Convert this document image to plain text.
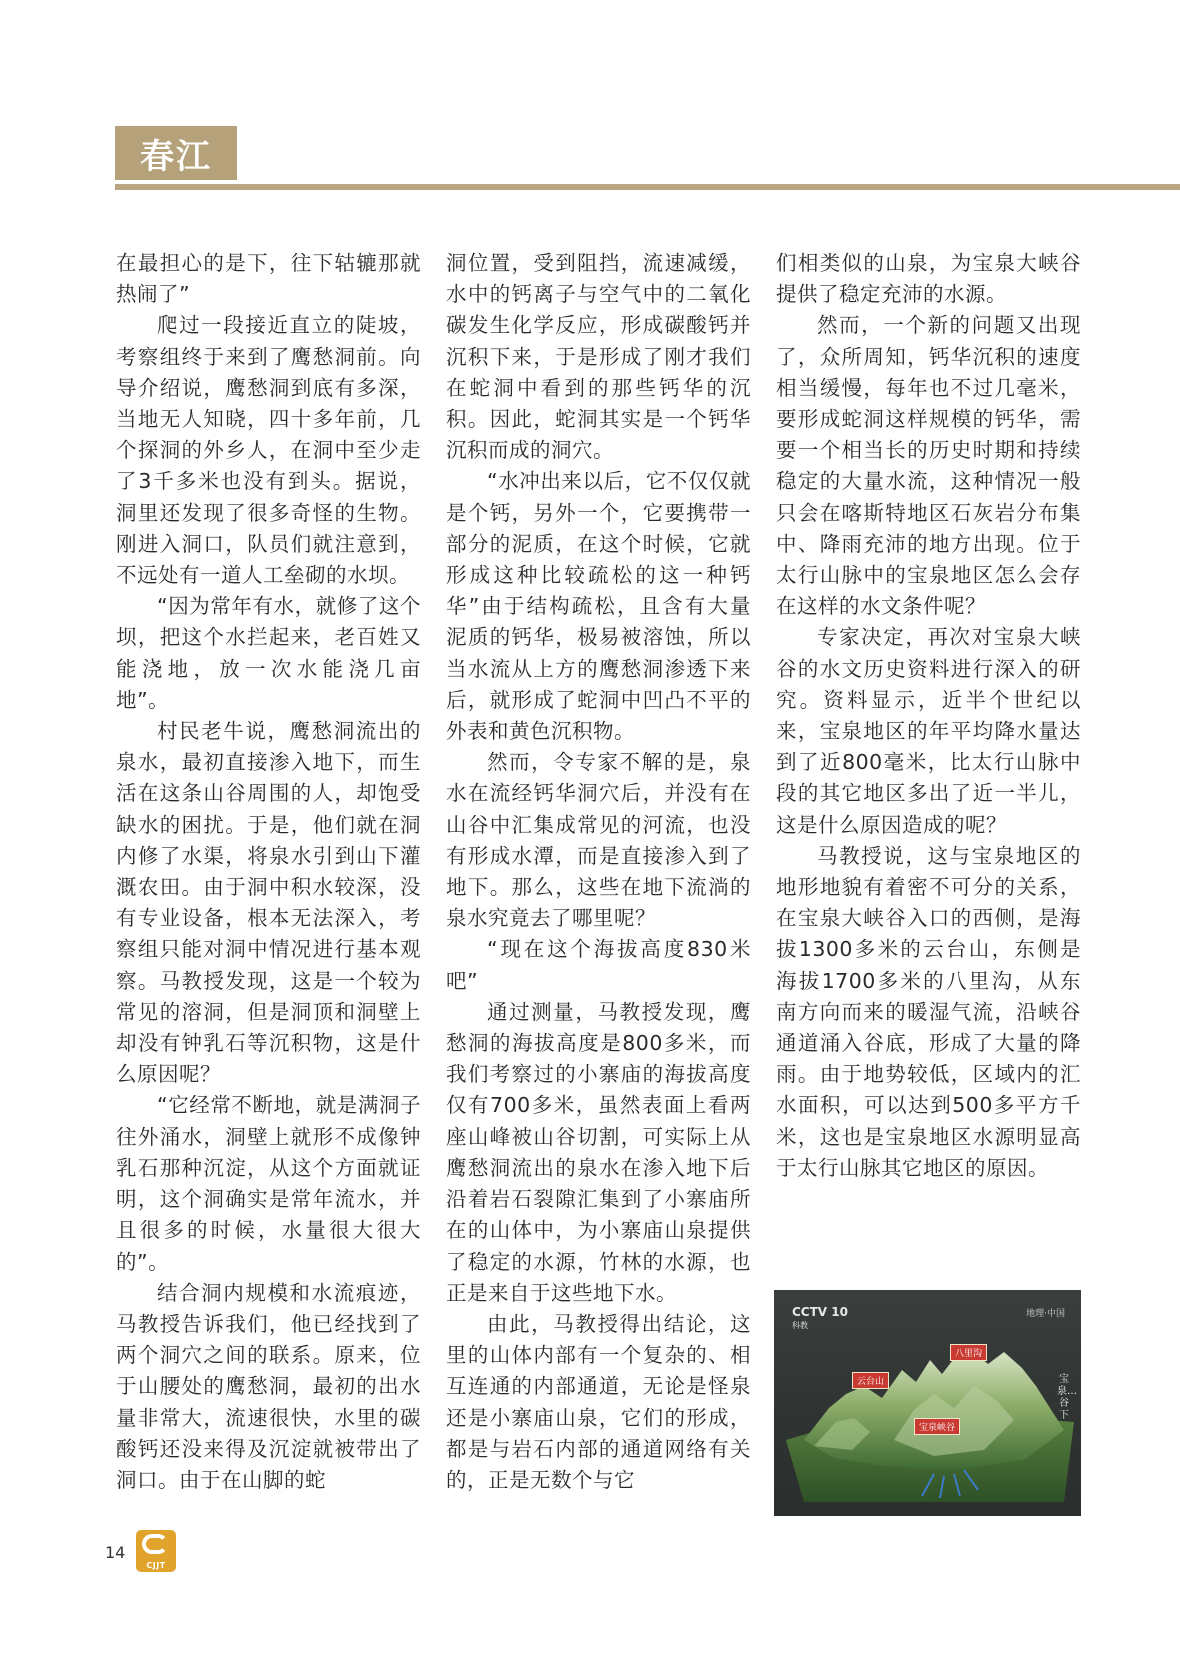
春江

在最担心的是下，往下轱辘那就热闹了”

爬过一段接近直立的陡坡，考察组终于来到了鹰愁洞前。向导介绍说，鹰愁洞到底有多深，当地无人知晓，四十多年前，几个探洞的外乡人，在洞中至少走了3千多米也没有到头。据说，洞里还发现了很多奇怪的生物。刚进入洞口，队员们就注意到，不远处有一道人工垒砌的水坝。

“因为常年有水，就修了这个坝，把这个水拦起来，老百姓又能浇地，放一次水能浇几亩地”。

村民老牛说，鹰愁洞流出的泉水，最初直接渗入地下，而生活在这条山谷周围的人，却饱受缺水的困扰。于是，他们就在洞内修了水渠，将泉水引到山下灌溉农田。由于洞中积水较深，没有专业设备，根本无法深入，考察组只能对洞中情况进行基本观察。马教授发现，这是一个较为常见的溶洞，但是洞顶和洞壁上却没有钟乳石等沉积物，这是什么原因呢？

“它经常不断地，就是满洞子往外涌水，洞壁上就形不成像钟乳石那种沉淀，从这个方面就证明，这个洞确实是常年流水，并且很多的时候，水量很大很大的”。

结合洞内规模和水流痕迹，马教授告诉我们，他已经找到了两个洞穴之间的联系。原来，位于山腰处的鹰愁洞，最初的出水量非常大，流速很快，水里的碳酸钙还没来得及沉淀就被带出了洞口。由于在山脚的蛇

洞位置，受到阻挡，流速减缓，水中的钙离子与空气中的二氧化碳发生化学反应，形成碳酸钙并沉积下来，于是形成了刚才我们在蛇洞中看到的那些钙华的沉积。因此，蛇洞其实是一个钙华沉积而成的洞穴。

“水冲出来以后，它不仅仅就是个钙，另外一个，它要携带一部分的泥质，在这个时候，它就形成这种比较疏松的这一种钙华”由于结构疏松，且含有大量泥质的钙华，极易被溶蚀，所以当水流从上方的鹰愁洞渗透下来后，就形成了蛇洞中凹凸不平的外表和黄色沉积物。

然而，令专家不解的是，泉水在流经钙华洞穴后，并没有在山谷中汇集成常见的河流，也没有形成水潭，而是直接渗入到了地下。那么，这些在地下流淌的泉水究竟去了哪里呢？

“现在这个海拔高度830米吧”

通过测量，马教授发现，鹰愁洞的海拔高度是800多米，而我们考察过的小寨庙的海拔高度仅有700多米，虽然表面上看两座山峰被山谷切割，可实际上从鹰愁洞流出的泉水在渗入地下后沿着岩石裂隙汇集到了小寨庙所在的山体中，为小寨庙山泉提供了稳定的水源，竹林的水源，也正是来自于这些地下水。

由此，马教授得出结论，这里的山体内部有一个复杂的、相互连通的内部通道，无论是怪泉还是小寨庙山泉，它们的形成，都是与岩石内部的通道网络有关的，正是无数个与它

们相类似的山泉，为宝泉大峡谷提供了稳定充沛的水源。

然而，一个新的问题又出现了，众所周知，钙华沉积的速度相当缓慢，每年也不过几毫米，要形成蛇洞这样规模的钙华，需要一个相当长的历史时期和持续稳定的大量水流，这种情况一般只会在喀斯特地区石灰岩分布集中、降雨充沛的地方出现。位于太行山脉中的宝泉地区怎么会存在这样的水文条件呢？

专家决定，再次对宝泉大峡谷的水文历史资料进行深入的研究。资料显示，近半个世纪以来，宝泉地区的年平均降水量达到了近800毫米，比太行山脉中段的其它地区多出了近一半儿，这是什么原因造成的呢？

马教授说，这与宝泉地区的地形地貌有着密不可分的关系，在宝泉大峡谷入口的西侧，是海拔1300多米的云台山，东侧是海拔1700多米的八里沟，从东南方向而来的暖湿气流，沿峡谷通道涌入谷底，形成了大量的降雨。由于地势较低，区域内的汇水面积，可以达到500多平方千米，这也是宝泉地区水源明显高于太行山脉其它地区的原因。

CCTV 10
科教
地理·中国
云台山
八里沟
宝泉峡谷
宝泉…谷下
14
CJJT
